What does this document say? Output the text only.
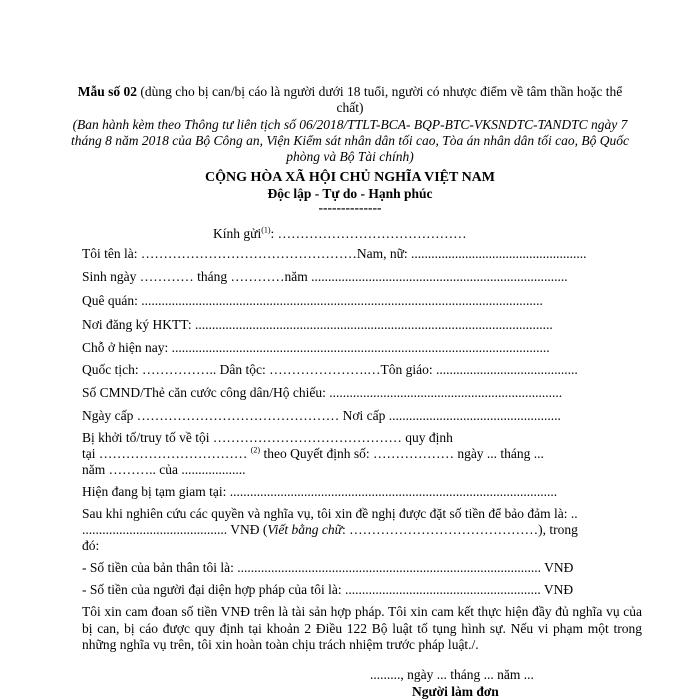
Mẫu số 02 (dùng cho bị can/bị cáo là người dưới 18 tuổi, người có nhược điểm về tâm thần hoặc thể chất)
(Ban hành kèm theo Thông tư liên tịch số 06/2018/TTLT-BCA- BQP-BTC-VKSNDTC-TANDTC ngày 7 tháng 8 năm 2018 của Bộ Công an, Viện Kiểm sát nhân dân tối cao, Tòa án nhân dân tối cao, Bộ Quốc phòng và Bộ Tài chính)
CỘNG HÒA XÃ HỘI CHỦ NGHĨA VIỆT NAM
Độc lập - Tự do - Hạnh phúc
--------------
Kính gửi$^{(1)}$: ……………………………………
Tôi tên là: …………………………………………Nam, nữ: ....................................................
Sinh ngày ………… tháng …………năm ............................................................................
Quê quán: .......................................................................................................................
Nơi đăng ký HKTT: ..........................................................................................................
Chỗ ở hiện nay: ................................................................................................................
Quốc tịch: …………….. Dân tộc: ………………….…Tôn giáo: ..........................................
Số CMND/Thẻ căn cước công dân/Hộ chiếu: .....................................................................
Ngày cấp ……………………………………… Nơi cấp ...................................................
Bị khởi tố/truy tố về tội …………………………………… quy định
tại …………………………… $^{(2)}$ theo Quyết định số: ……………… ngày ... tháng ...
năm ……….. của ...................
Hiện đang bị tạm giam tại: .................................................................................................
Sau khi nghiên cứu các quyền và nghĩa vụ, tôi xin đề nghị được đặt số tiền để bảo đảm là: ..
........................................... VNĐ (Viết bằng chữ: ……………………………………), trong
đó:
- Số tiền của bản thân tôi là: .......................................................................................... VNĐ
- Số tiền của người đại diện hợp pháp của tôi là: .......................................................... VNĐ
Tôi xin cam đoan số tiền VNĐ trên là tài sản hợp pháp. Tôi xin cam kết thực hiện đầy đủ nghĩa vụ của bị can, bị cáo được quy định tại khoản 2 Điều 122 Bộ luật tố tụng hình sự. Nếu vi phạm một trong những nghĩa vụ trên, tôi xin hoàn toàn chịu trách nhiệm trước pháp luật./.
........., ngày ... tháng ... năm ...
Người làm đơn
